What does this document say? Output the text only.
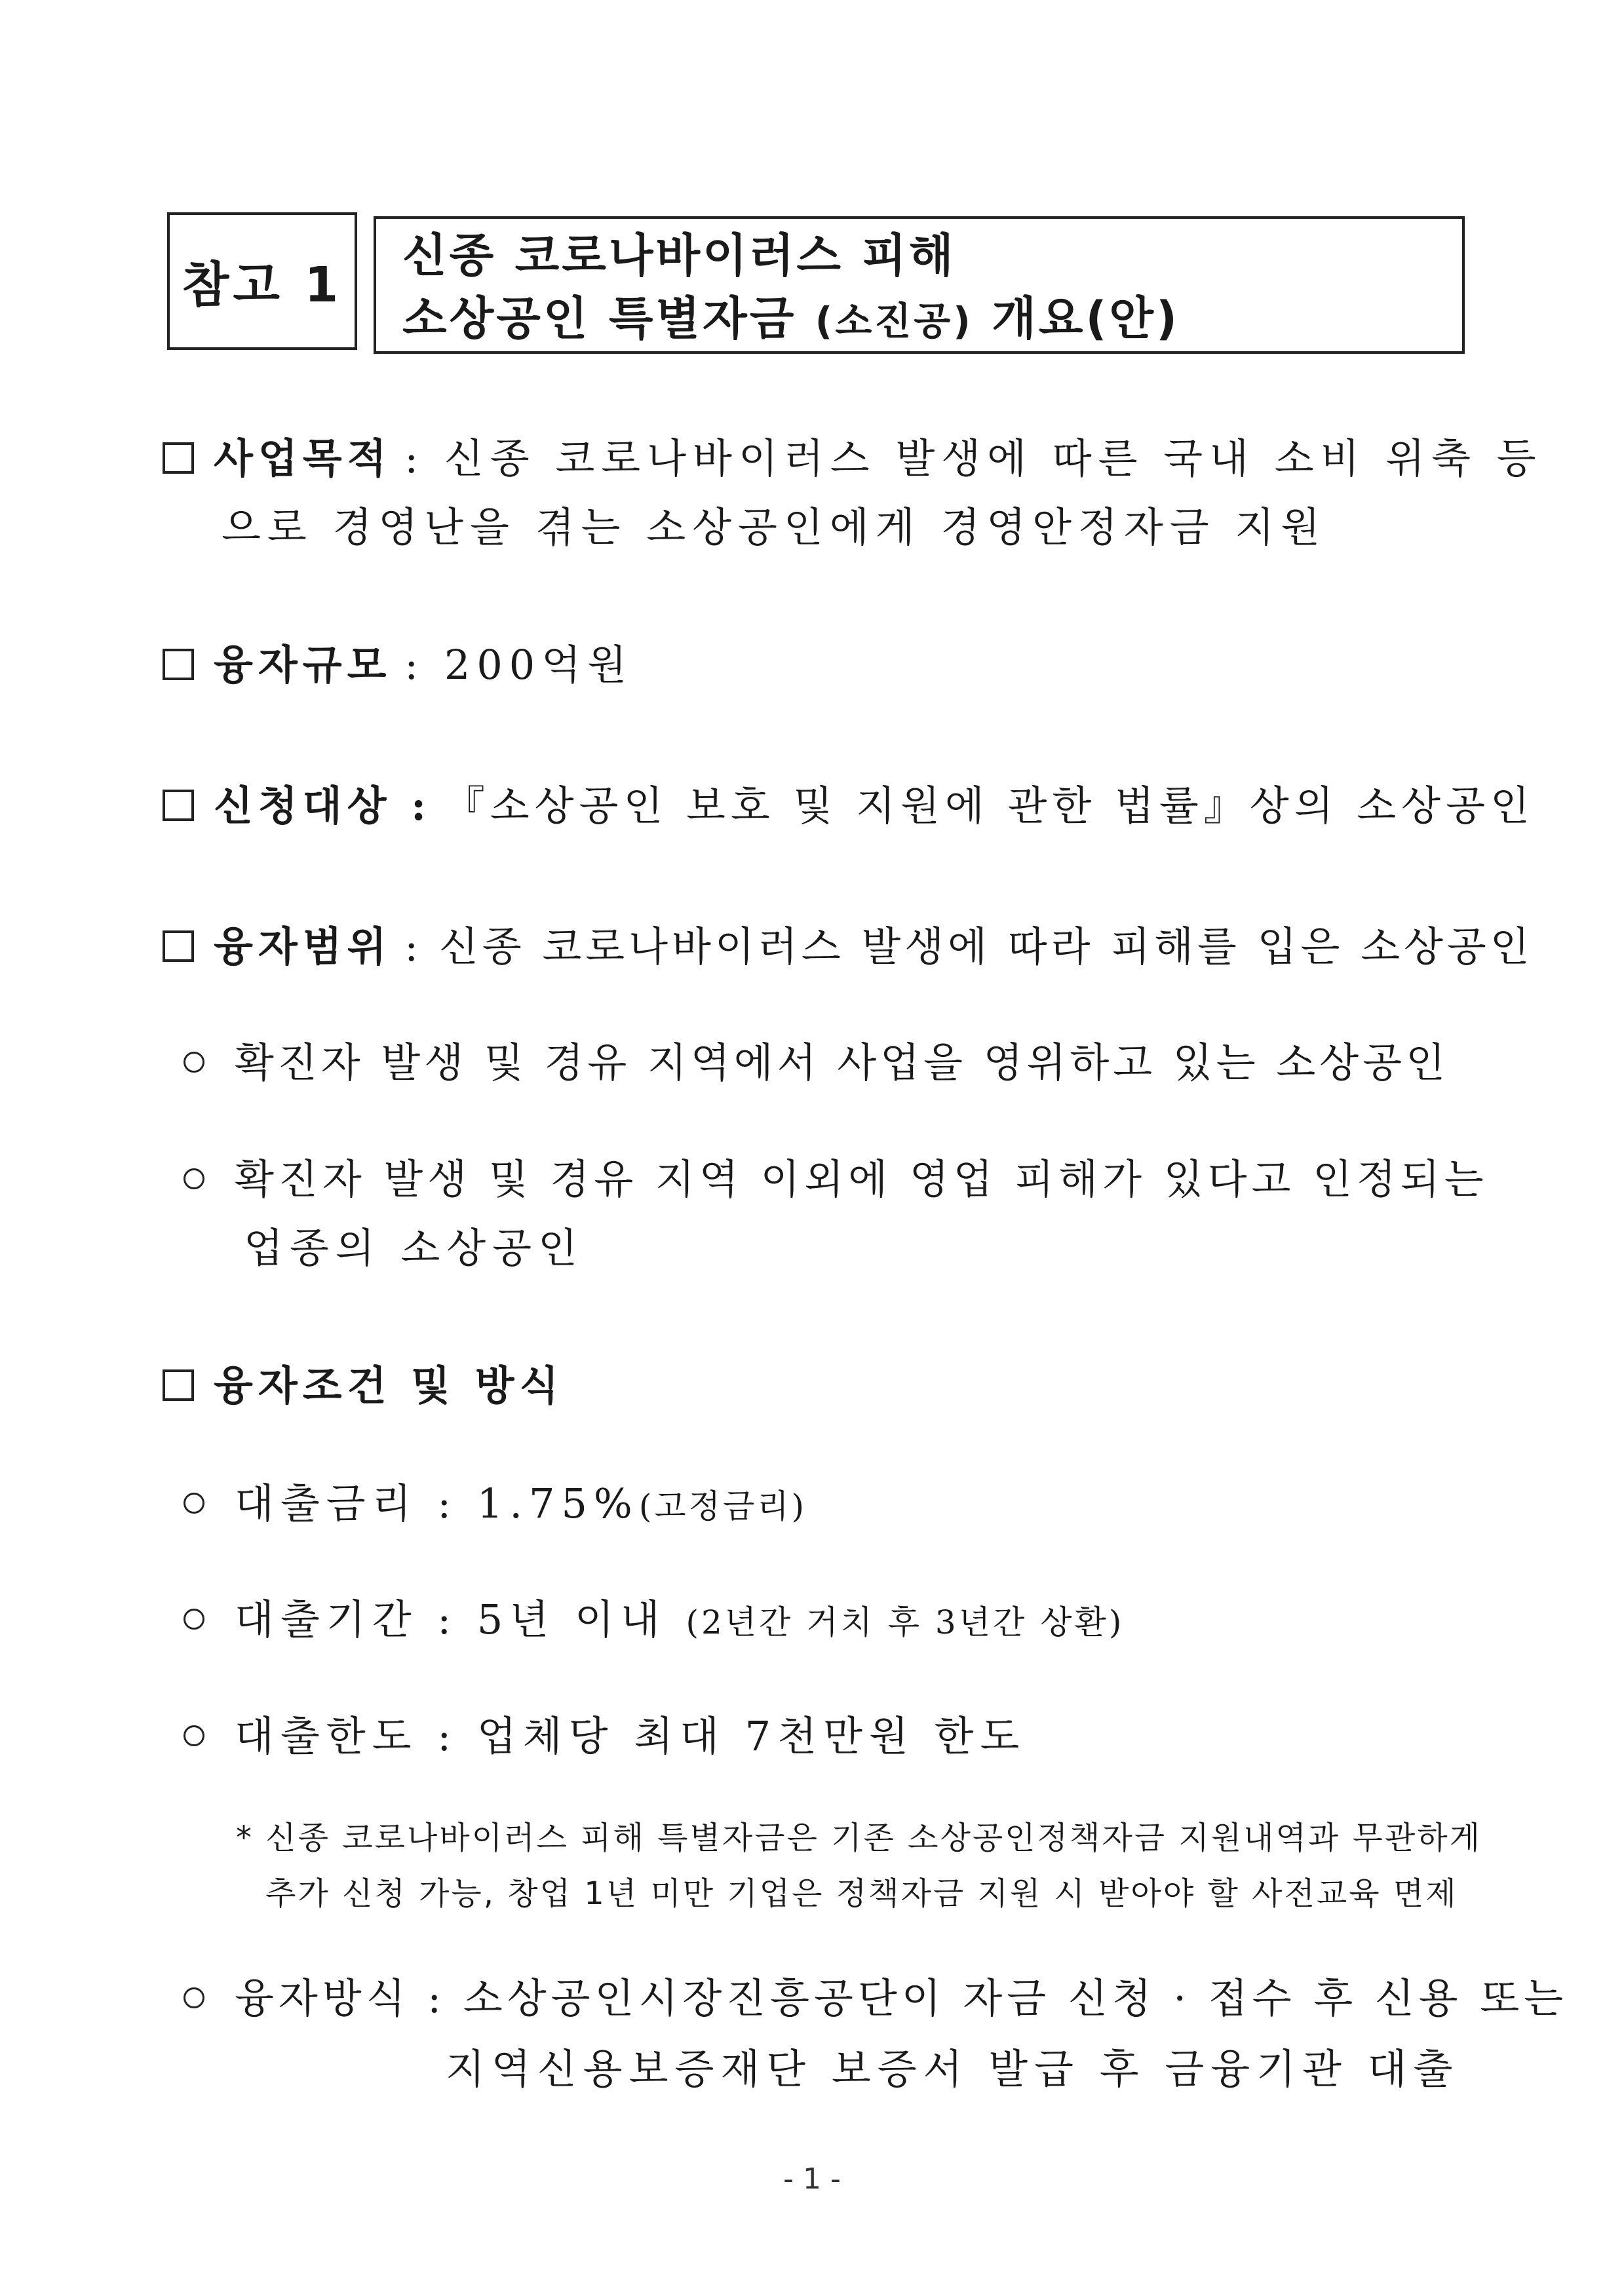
참고 1
신종 코로나바이러스 피해
소상공인 특별자금 (소진공) 개요(안)
사업목적 : 신종 코로나바이러스 발생에 따른 국내 소비 위축 등
으로 경영난을 겪는 소상공인에게 경영안정자금 지원
융자규모 : 200억원
신청대상 : 『소상공인 보호 및 지원에 관한 법률』상의 소상공인
융자범위 : 신종 코로나바이러스 발생에 따라 피해를 입은 소상공인
확진자 발생 및 경유 지역에서 사업을 영위하고 있는 소상공인
확진자 발생 및 경유 지역 이외에 영업 피해가 있다고 인정되는
업종의 소상공인
융자조건 및 방식
대출금리 : 1.75%(고정금리)
대출기간 : 5년 이내 (2년간 거치 후 3년간 상환)
대출한도 : 업체당 최대 7천만원 한도
* 신종 코로나바이러스 피해 특별자금은 기존 소상공인정책자금 지원내역과 무관하게
추가 신청 가능, 창업 1년 미만 기업은 정책자금 지원 시 받아야 할 사전교육 면제
융자방식 : 소상공인시장진흥공단이 자금 신청 · 접수 후 신용 또는
지역신용보증재단 보증서 발급 후 금융기관 대출
- 1 -
